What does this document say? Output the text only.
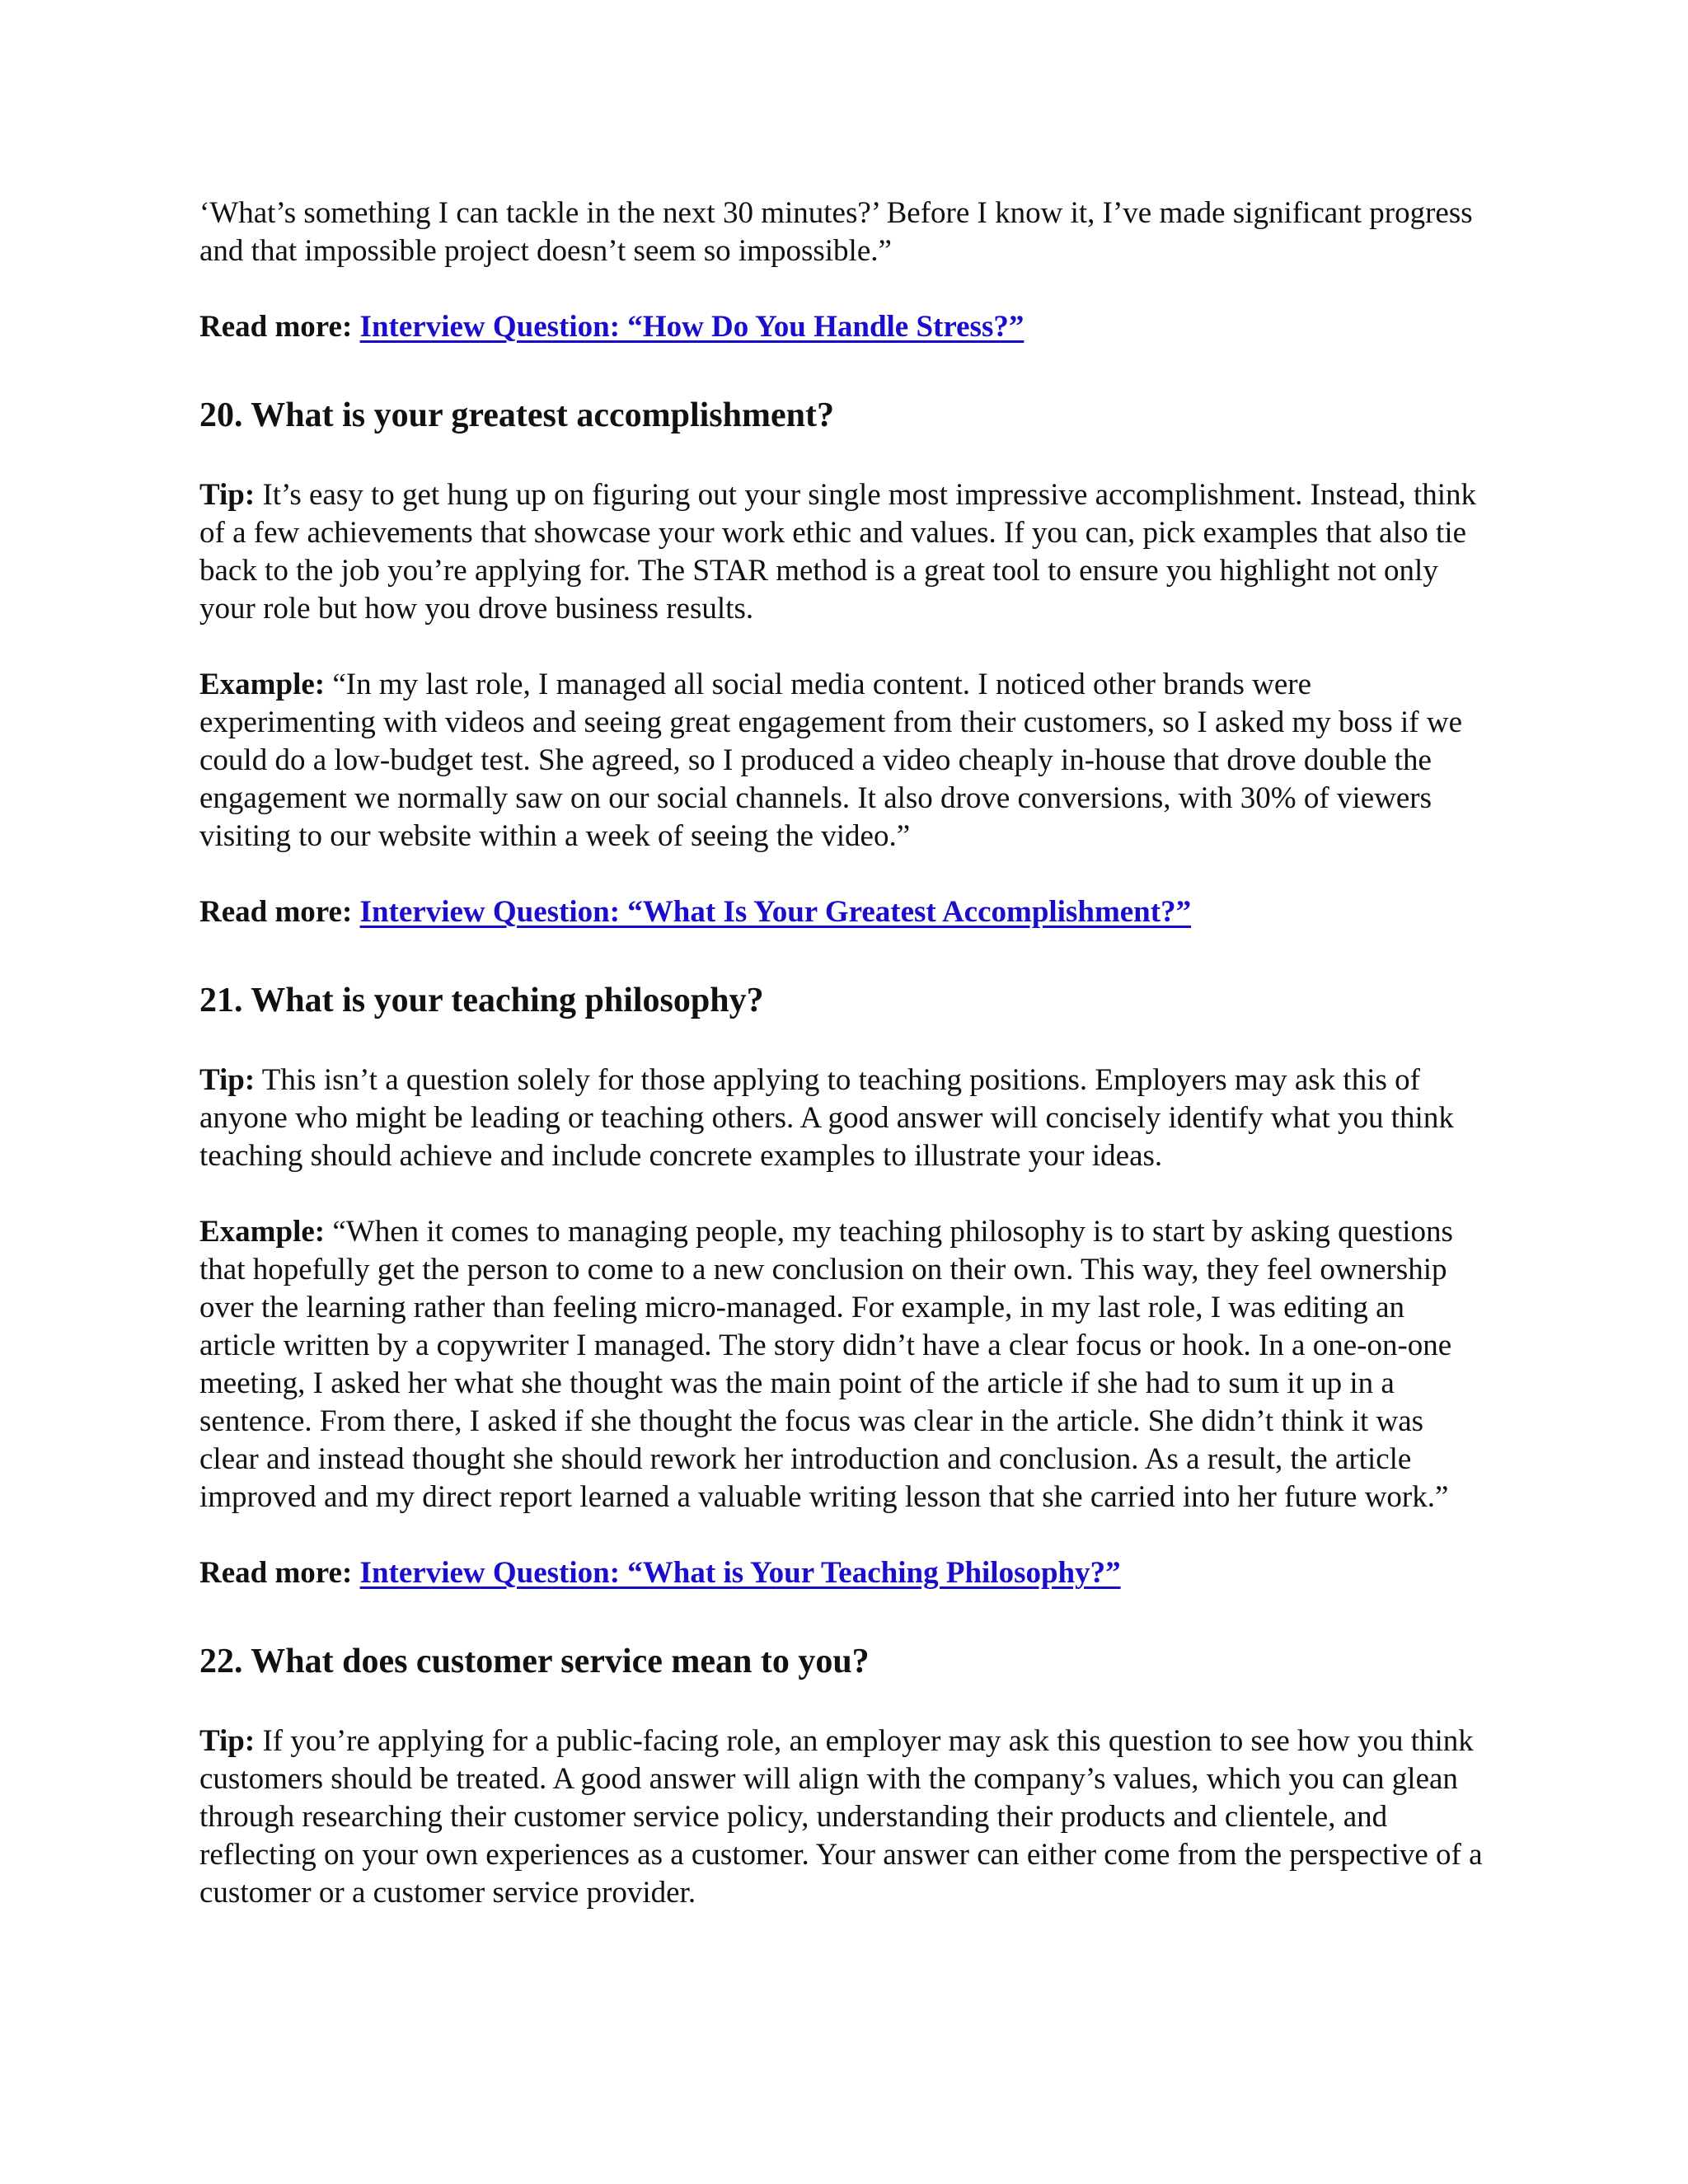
‘What’s something I can tackle in the next 30 minutes?’ Before I know it, I’ve made significant progress and that impossible project doesn’t seem so impossible.”

Read more: Interview Question: “How Do You Handle Stress?”

20. What is your greatest accomplishment?

Tip: It’s easy to get hung up on figuring out your single most impressive accomplishment. Instead, think of a few achievements that showcase your work ethic and values. If you can, pick examples that also tie back to the job you’re applying for. The STAR method is a great tool to ensure you highlight not only your role but how you drove business results.

Example: “In my last role, I managed all social media content. I noticed other brands were experimenting with videos and seeing great engagement from their customers, so I asked my boss if we could do a low-budget test. She agreed, so I produced a video cheaply in-house that drove double the engagement we normally saw on our social channels. It also drove conversions, with 30% of viewers visiting to our website within a week of seeing the video.”

Read more: Interview Question: “What Is Your Greatest Accomplishment?”

21. What is your teaching philosophy?

Tip: This isn’t a question solely for those applying to teaching positions. Employers may ask this of anyone who might be leading or teaching others. A good answer will concisely identify what you think teaching should achieve and include concrete examples to illustrate your ideas.

Example: “When it comes to managing people, my teaching philosophy is to start by asking questions that hopefully get the person to come to a new conclusion on their own. This way, they feel ownership over the learning rather than feeling micro-managed. For example, in my last role, I was editing an article written by a copywriter I managed. The story didn’t have a clear focus or hook. In a one-on-one meeting, I asked her what she thought was the main point of the article if she had to sum it up in a sentence. From there, I asked if she thought the focus was clear in the article. She didn’t think it was clear and instead thought she should rework her introduction and conclusion. As a result, the article improved and my direct report learned a valuable writing lesson that she carried into her future work.”

Read more: Interview Question: “What is Your Teaching Philosophy?”

22. What does customer service mean to you?

Tip: If you’re applying for a public-facing role, an employer may ask this question to see how you think customers should be treated. A good answer will align with the company’s values, which you can glean through researching their customer service policy, understanding their products and clientele, and reflecting on your own experiences as a customer. Your answer can either come from the perspective of a customer or a customer service provider.
